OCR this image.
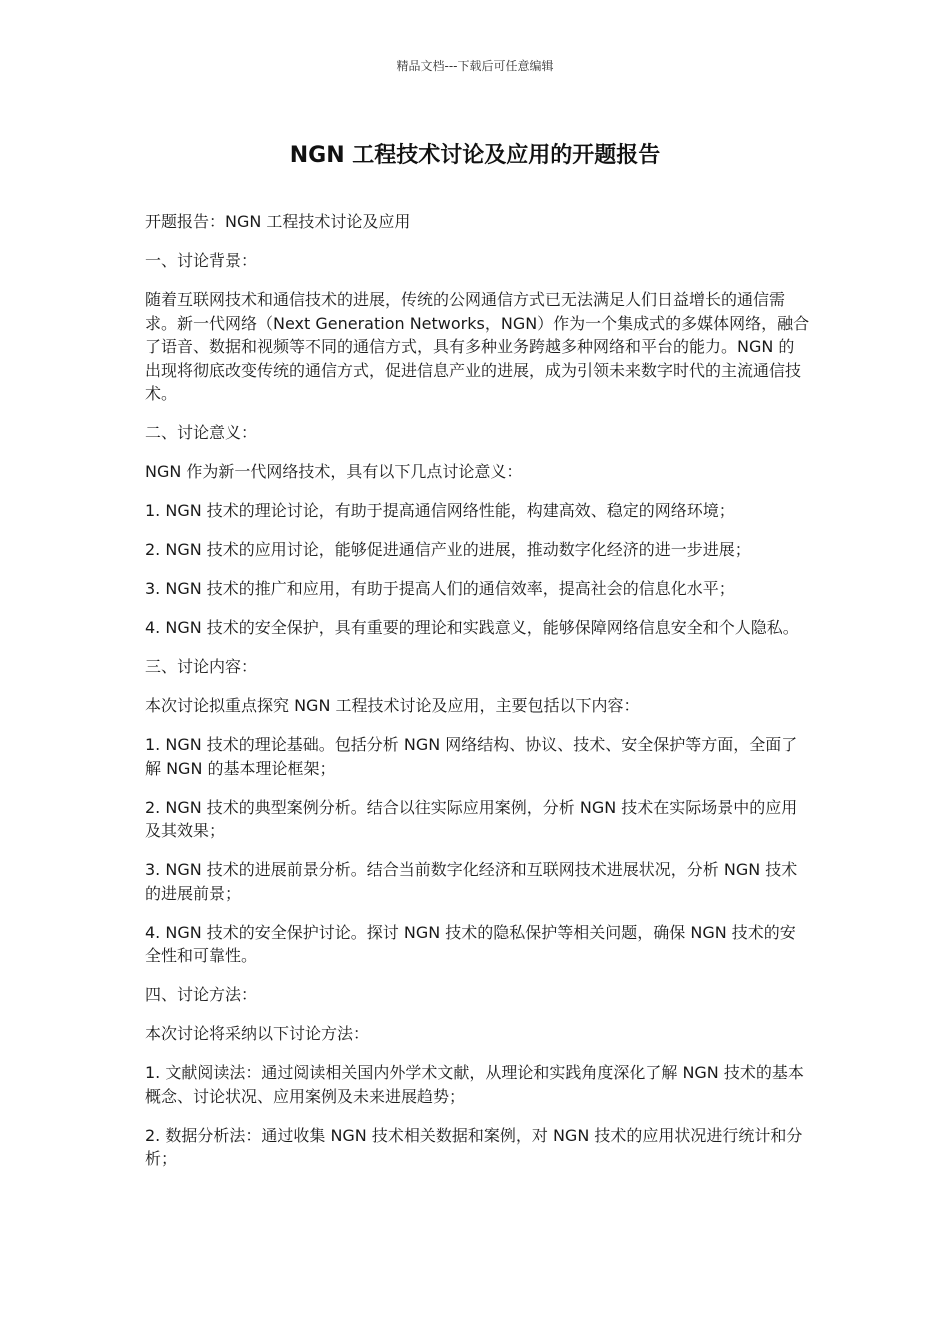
精品文档---下载后可任意编辑
NGN 工程技术讨论及应用的开题报告

开题报告：NGN 工程技术讨论及应用

一、讨论背景：

随着互联网技术和通信技术的进展，传统的公网通信方式已无法满足人们日益增长的通信需求。新一代网络（Next Generation Networks，NGN）作为一个集成式的多媒体网络，融合了语音、数据和视频等不同的通信方式，具有多种业务跨越多种网络和平台的能力。NGN 的出现将彻底改变传统的通信方式，促进信息产业的进展，成为引领未来数字时代的主流通信技术。

二、讨论意义：

NGN 作为新一代网络技术，具有以下几点讨论意义：

1. NGN 技术的理论讨论，有助于提高通信网络性能，构建高效、稳定的网络环境；

2. NGN 技术的应用讨论，能够促进通信产业的进展，推动数字化经济的进一步进展；

3. NGN 技术的推广和应用，有助于提高人们的通信效率，提高社会的信息化水平；

4. NGN 技术的安全保护，具有重要的理论和实践意义，能够保障网络信息安全和个人隐私。

三、讨论内容：

本次讨论拟重点探究 NGN 工程技术讨论及应用，主要包括以下内容：

1. NGN 技术的理论基础。包括分析 NGN 网络结构、协议、技术、安全保护等方面，全面了解 NGN 的基本理论框架；

2. NGN 技术的典型案例分析。结合以往实际应用案例，分析 NGN 技术在实际场景中的应用及其效果；

3. NGN 技术的进展前景分析。结合当前数字化经济和互联网技术进展状况，分析 NGN 技术的进展前景；

4. NGN 技术的安全保护讨论。探讨 NGN 技术的隐私保护等相关问题，确保 NGN 技术的安全性和可靠性。

四、讨论方法：

本次讨论将采纳以下讨论方法：

1. 文献阅读法：通过阅读相关国内外学术文献，从理论和实践角度深化了解 NGN 技术的基本概念、讨论状况、应用案例及未来进展趋势；

2. 数据分析法：通过收集 NGN 技术相关数据和案例，对 NGN 技术的应用状况进行统计和分析；
